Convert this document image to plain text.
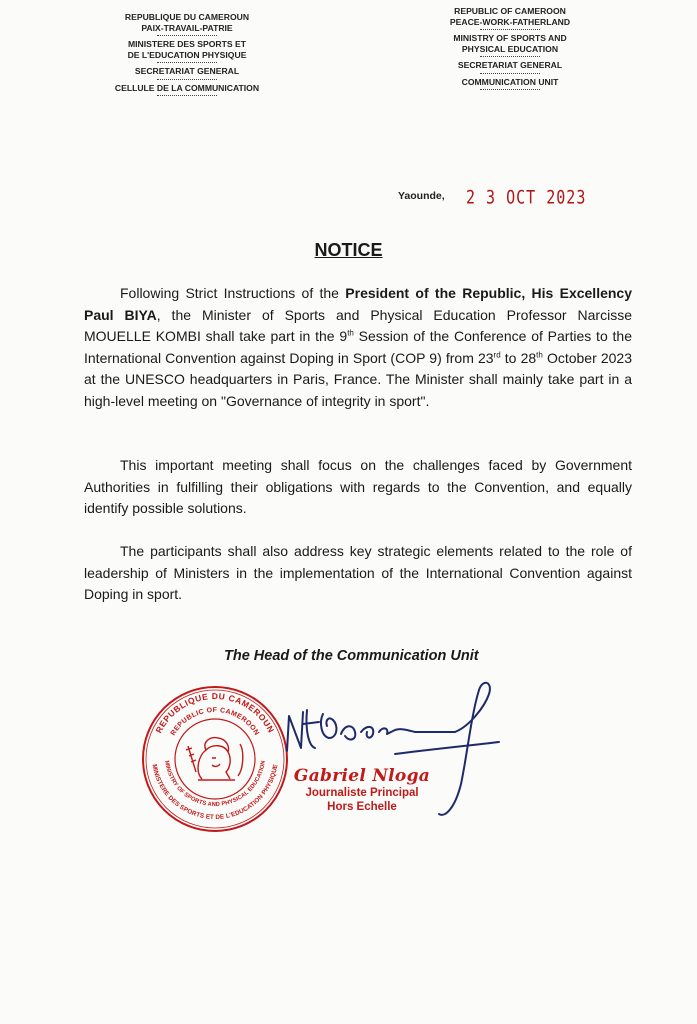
REPUBLIQUE DU CAMEROUN
PAIX-TRAVAIL-PATRIE
MINISTERE DES SPORTS ET
DE L'EDUCATION PHYSIQUE
SECRETARIAT GENERAL
CELLULE DE LA COMMUNICATION
REPUBLIC OF CAMEROON
PEACE-WORK-FATHERLAND
MINISTRY OF SPORTS AND
PHYSICAL EDUCATION
SECRETARIAT GENERAL
COMMUNICATION UNIT
Yaounde, 2 3 OCT 2023
NOTICE

Following Strict Instructions of the President of the Republic, His Excellency Paul BIYA, the Minister of Sports and Physical Education Professor Narcisse MOUELLE KOMBI shall take part in the 9th Session of the Conference of Parties to the International Convention against Doping in Sport (COP 9) from 23rd to 28th October 2023 at the UNESCO headquarters in Paris, France. The Minister shall mainly take part in a high-level meeting on "Governance of integrity in sport".

This important meeting shall focus on the challenges faced by Government Authorities in fulfilling their obligations with regards to the Convention, and equally identify possible solutions.

The participants shall also address key strategic elements related to the role of leadership of Ministers in the implementation of the International Convention against Doping in sport.

The Head of the Communication Unit
REPUBLIQUE DU CAMEROUN
REPUBLIC OF CAMEROON
MINISTERE DES SPORTS ET DE L'EDUCATION PHYSIQUE
MINISTRY OF SPORTS AND PHYSICAL EDUCATION
Gabriel Nloga
Journaliste Principal
Hors Echelle
